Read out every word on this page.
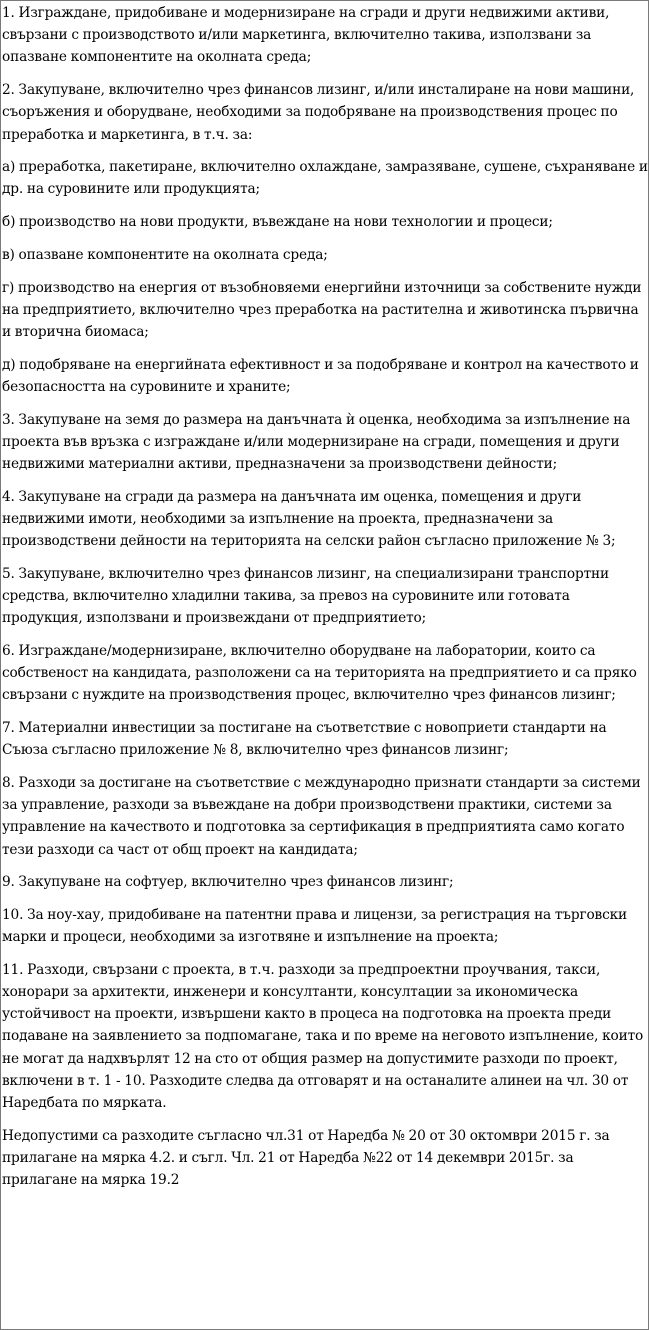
1. Изграждане, придобиване и модернизиране на сгради и други недвижими активи, свързани с производството и/или маркетинга, включително такива, използвани за опазване компонентите на околната среда;

2. Закупуване, включително чрез финансов лизинг, и/или инсталиране на нови машини, съоръжения и оборудване, необходими за подобряване на производствения процес по преработка и маркетинга, в т.ч. за:

а) преработка, пакетиране, включително охлаждане, замразяване, сушене, съхраняване и др. на суровините или продукцията;

б) производство на нови продукти, въвеждане на нови технологии и процеси;

в) опазване компонентите на околната среда;

г) производство на енергия от възобновяеми енергийни източници за собствените нужди на предприятието, включително чрез преработка на растителна и животинска първична и вторична биомаса;

д) подобряване на енергийната ефективност и за подобряване и контрол на качеството и безопасността на суровините и храните;

3. Закупуване на земя до размера на данъчната ѝ оценка, необходима за изпълнение на проекта във връзка с изграждане и/или модернизиране на сгради, помещения и други недвижими материални активи, предназначени за производствени дейности;

4. Закупуване на сгради да размера на данъчната им оценка, помещения и други недвижими имоти, необходими за изпълнение на проекта, предназначени за производствени дейности на територията на селски район съгласно приложение № 3;

5. Закупуване, включително чрез финансов лизинг, на специализирани транспортни средства, включително хладилни такива, за превоз на суровините или готовата продукция, използвани и произвеждани от предприятието;

6. Изграждане/модернизиране, включително оборудване на лаборатории, които са собственост на кандидата, разположени са на територията на предприятието и са пряко свързани с нуждите на производствения процес, включително чрез финансов лизинг;

7. Материални инвестиции за постигане на съответствие с новоприети стандарти на Съюза съгласно приложение № 8, включително чрез финансов лизинг;

8. Разходи за достигане на съответствие с международно признати стандарти за системи за управление, разходи за въвеждане на добри производствени практики, системи за управление на качеството и подготовка за сертификация в предприятията само когато тези разходи са част от общ проект на кандидата;

9. Закупуване на софтуер, включително чрез финансов лизинг;

10. За ноу-хау, придобиване на патентни права и лицензи, за регистрация на търговски марки и процеси, необходими за изготвяне и изпълнение на проекта;

11. Разходи, свързани с проекта, в т.ч. разходи за предпроектни проучвания, такси, хонорари за архитекти, инженери и консултанти, консултации за икономическа устойчивост на проекти, извършени както в процеса на подготовка на проекта преди подаване на заявлението за подпомагане, така и по време на неговото изпълнение, които не могат да надхвърлят 12 на сто от общия размер на допустимите разходи по проект, включени в т. 1 - 10. Разходите следва да отговарят и на останалите алинеи на чл. 30 от Наредбата по мярката.

Недопустими са разходите съгласно чл.31 от Наредба № 20 от 30 октомври 2015 г. за прилагане на мярка 4.2. и съгл. Чл. 21 от Наредба №22 от 14 декември 2015г. за прилагане на мярка 19.2
